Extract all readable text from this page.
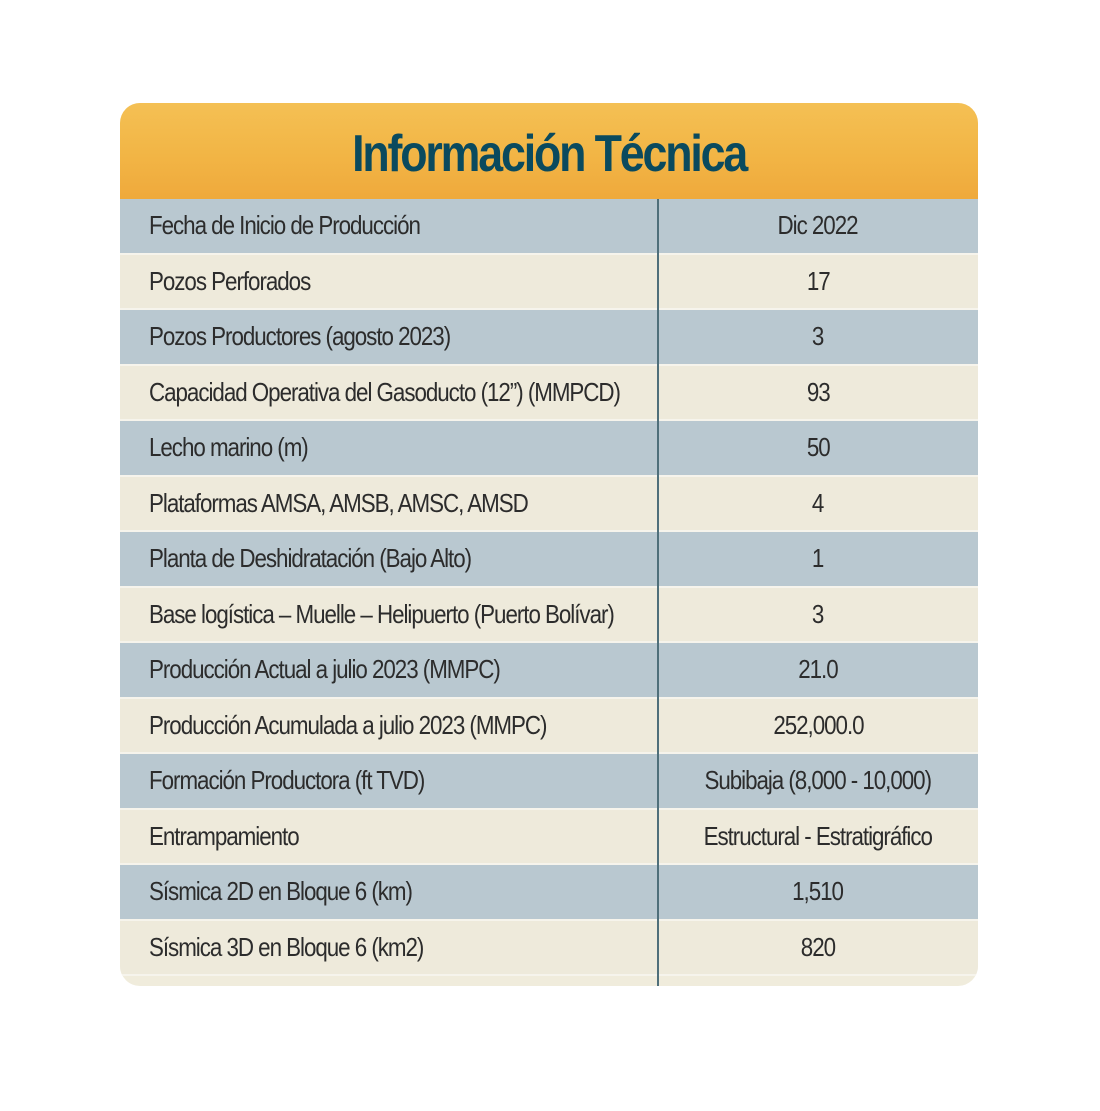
Información Técnica
Fecha de Inicio de Producción	Dic 2022
Pozos Perforados	17
Pozos Productores (agosto 2023)	3
Capacidad Operativa del Gasoducto (12”) (MMPCD)	93
Lecho marino (m)	50
Plataformas AMSA, AMSB, AMSC, AMSD	4
Planta de Deshidratación (Bajo Alto)	1
Base logística – Muelle – Helipuerto (Puerto Bolívar)	3
Producción Actual a julio 2023 (MMPC)	21.0
Producción Acumulada a julio 2023 (MMPC)	252,000.0
Formación Productora (ft TVD)	Subibaja (8,000 - 10,000)
Entrampamiento	Estructural - Estratigráfico
Sísmica 2D en Bloque 6 (km)	1,510
Sísmica 3D en Bloque 6 (km2)	820
